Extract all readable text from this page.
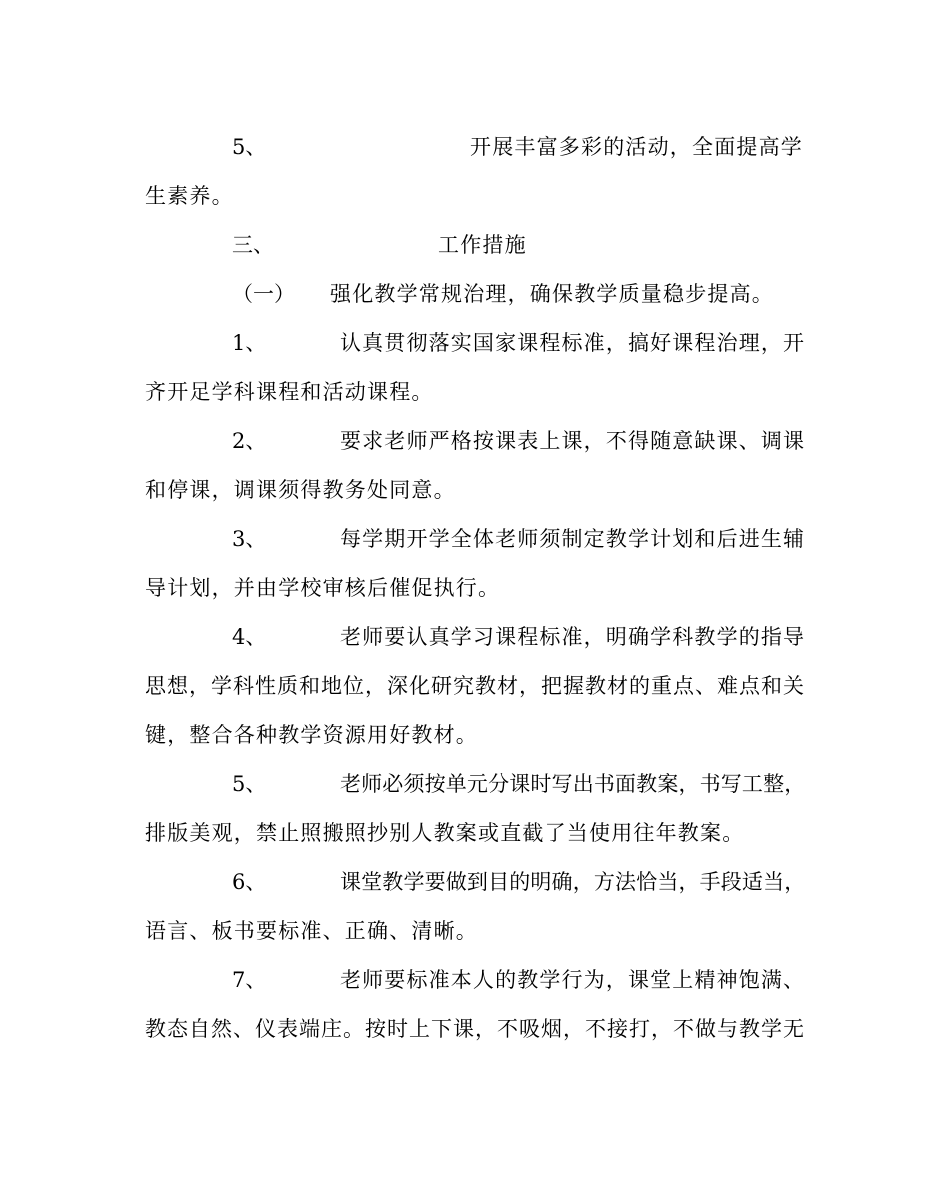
5、	开展丰富多彩的活动，全面提高学
生素养。
三、	工作措施
（一） 强化教学常规治理，确保教学质量稳步提高。
1、	认真贯彻落实国家课程标准，搞好课程治理，开
齐开足学科课程和活动课程。
2、	要求老师严格按课表上课，不得随意缺课、调课
和停课，调课须得教务处同意。
3、	每学期开学全体老师须制定教学计划和后进生辅
导计划，并由学校审核后催促执行。
4、	老师要认真学习课程标准，明确学科教学的指导
思想，学科性质和地位，深化研究教材，把握教材的重点、难点和关
键，整合各种教学资源用好教材。
5、	老师必须按单元分课时写出书面教案，书写工整，
排版美观，禁止照搬照抄别人教案或直截了当使用往年教案。
6、	课堂教学要做到目的明确，方法恰当，手段适当，
语言、板书要标准、正确、清晰。
7、	老师要标准本人的教学行为，课堂上精神饱满、
教态自然、仪表端庄。按时上下课，不吸烟，不接打，不做与教学无
